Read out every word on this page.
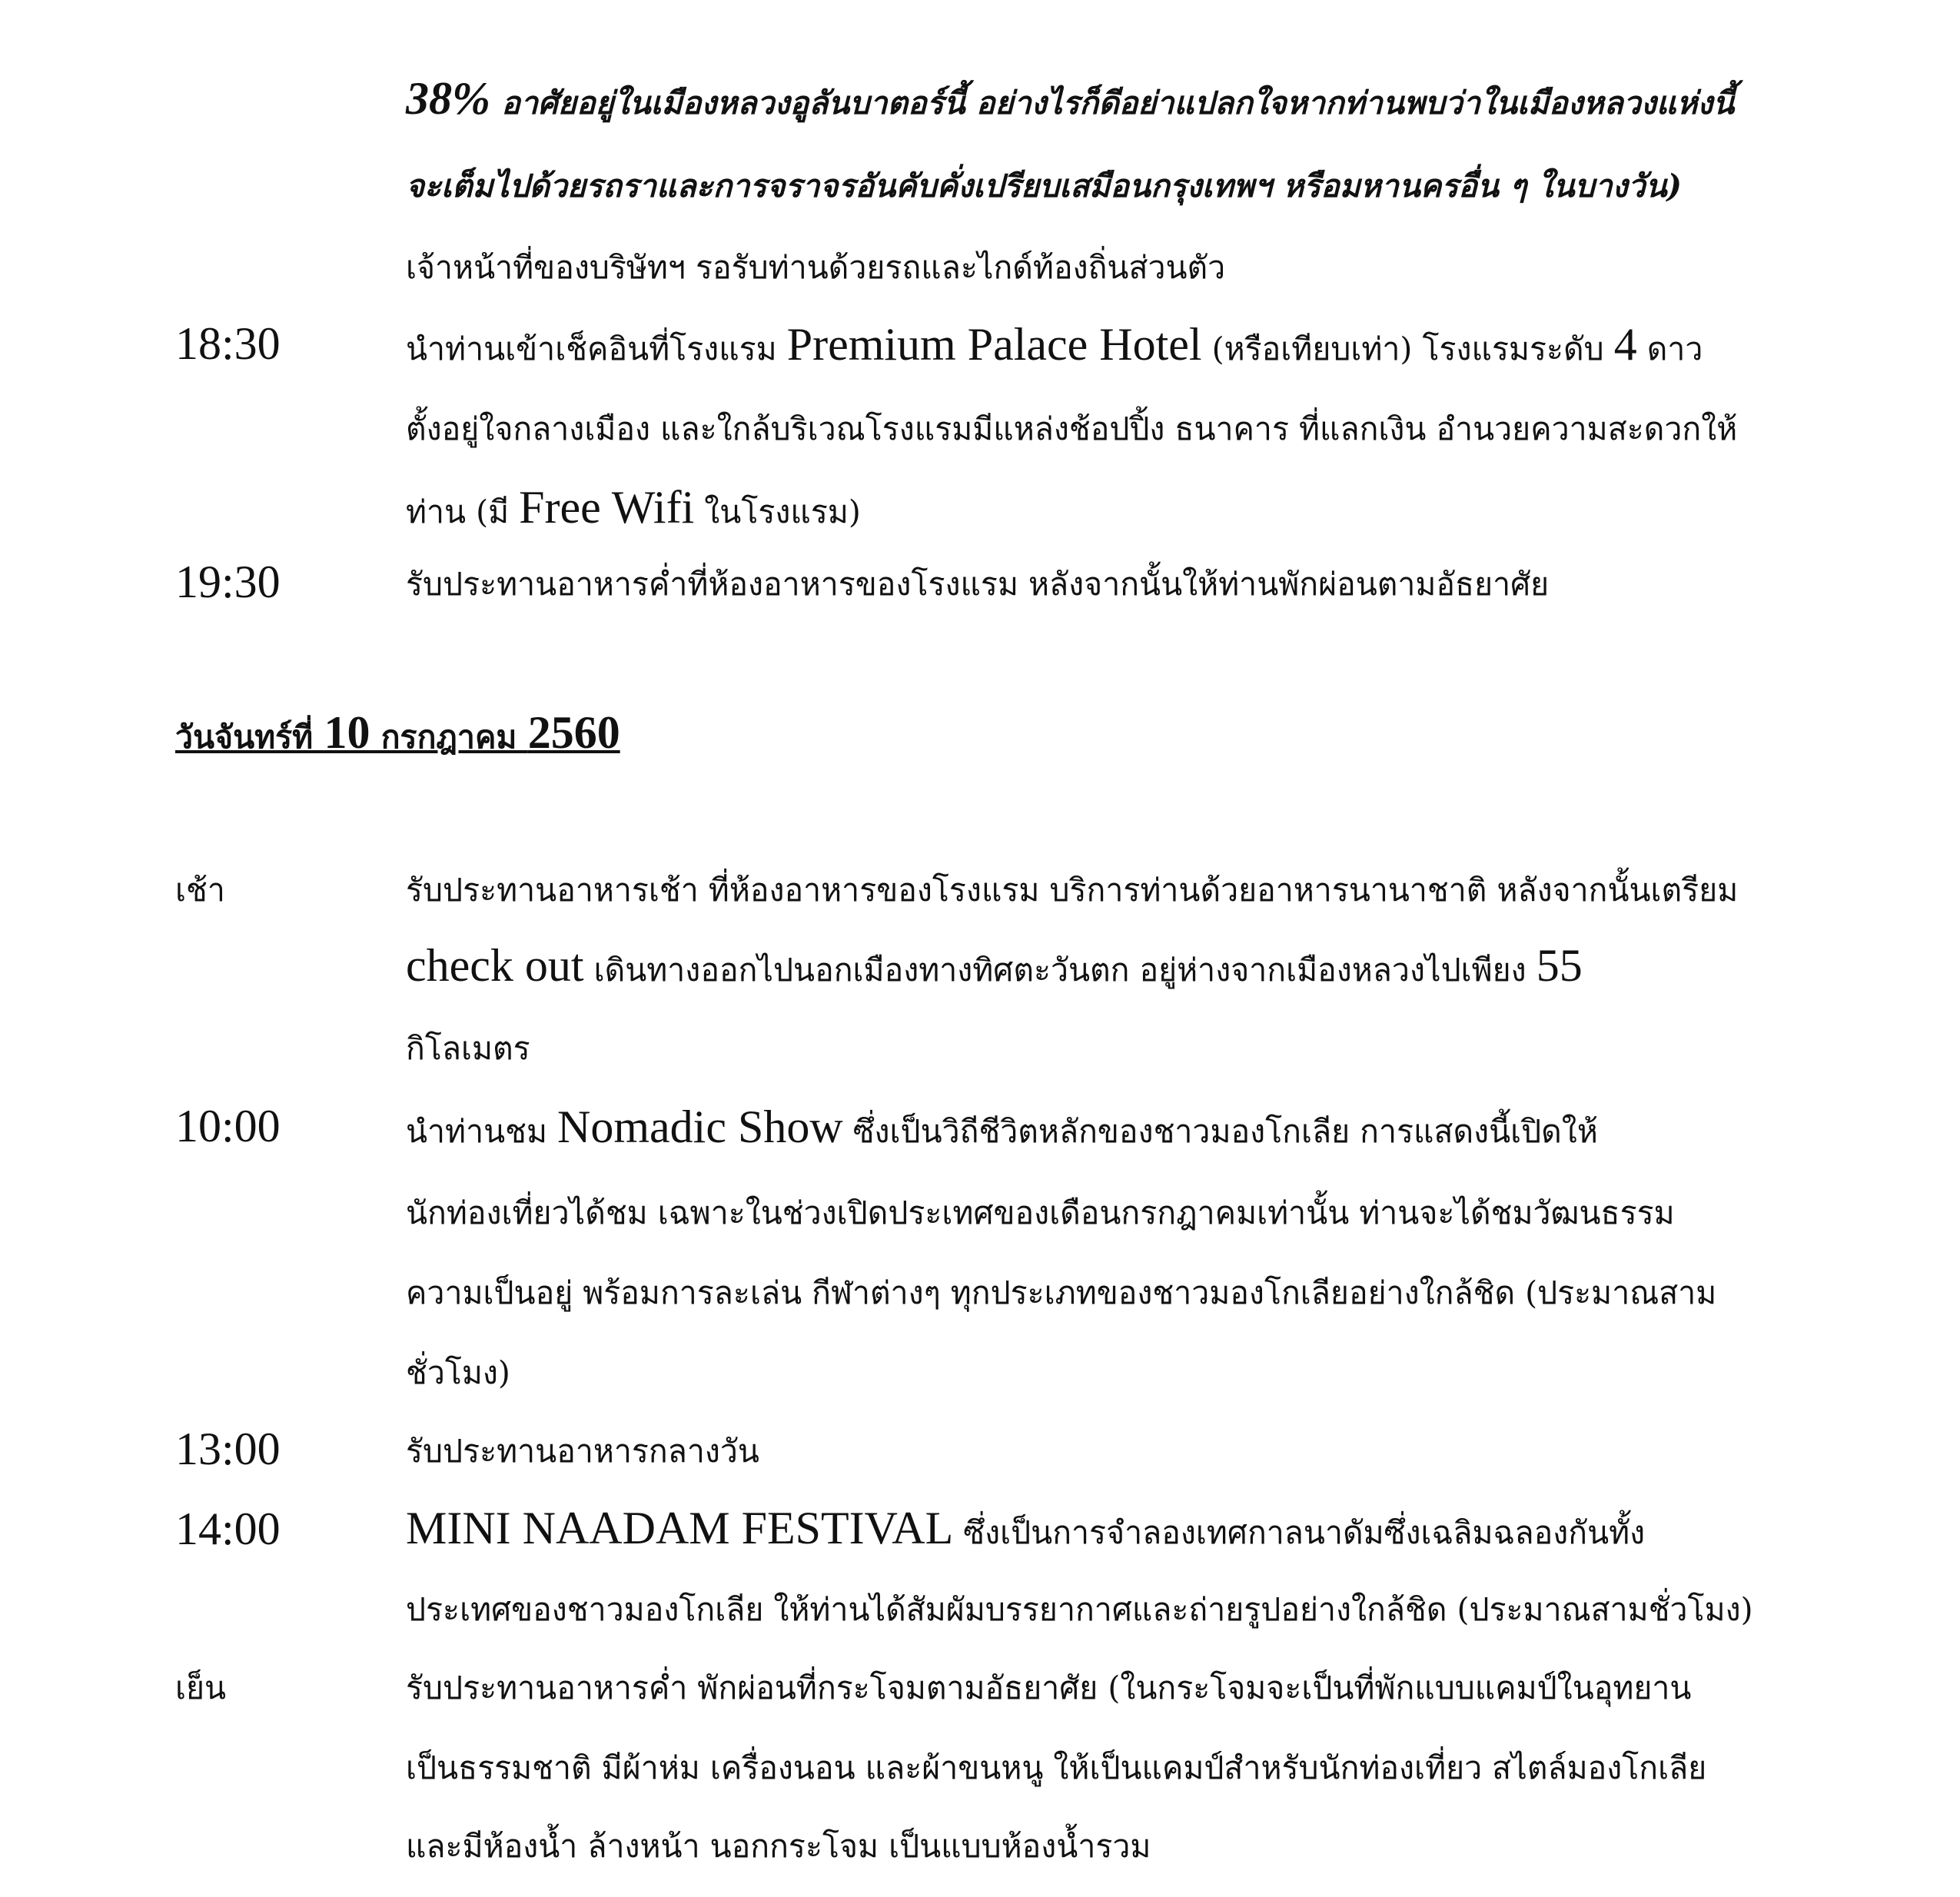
38% อาศัยอยู่ในเมืองหลวงอูลันบาตอร์นี้ อย่างไรก็ดีอย่าแปลกใจหากท่านพบว่าในเมืองหลวงแห่งนี้
จะเต็มไปด้วยรถราและการจราจรอันคับคั่งเปรียบเสมือนกรุงเทพฯ หรือมหานครอื่น ๆ ในบางวัน)
เจ้าหน้าที่ของบริษัทฯ รอรับท่านด้วยรถและไกด์ท้องถิ่นส่วนตัว
18:30	นำท่านเข้าเช็คอินที่โรงแรม Premium Palace Hotel (หรือเทียบเท่า) โรงแรมระดับ 4 ดาว
ตั้งอยู่ใจกลางเมือง และใกล้บริเวณโรงแรมมีแหล่งช้อปปิ้ง ธนาคาร ที่แลกเงิน อำนวยความสะดวกให้
ท่าน (มี Free Wifi ในโรงแรม)
19:30	รับประทานอาหารค่ำที่ห้องอาหารของโรงแรม หลังจากนั้นให้ท่านพักผ่อนตามอัธยาศัย
วันจันทร์ที่ 10 กรกฎาคม 2560
เช้า	รับประทานอาหารเช้า ที่ห้องอาหารของโรงแรม บริการท่านด้วยอาหารนานาชาติ หลังจากนั้นเตรียม
check out เดินทางออกไปนอกเมืองทางทิศตะวันตก อยู่ห่างจากเมืองหลวงไปเพียง 55
กิโลเมตร
10:00	นำท่านชม Nomadic Show ซึ่งเป็นวิถีชีวิตหลักของชาวมองโกเลีย การแสดงนี้เปิดให้
นักท่องเที่ยวได้ชม เฉพาะในช่วงเปิดประเทศของเดือนกรกฎาคมเท่านั้น ท่านจะได้ชมวัฒนธรรม
ความเป็นอยู่ พร้อมการละเล่น กีฬาต่างๆ ทุกประเภทของชาวมองโกเลียอย่างใกล้ชิด (ประมาณสาม
ชั่วโมง)
13:00	รับประทานอาหารกลางวัน
14:00	MINI NAADAM FESTIVAL ซึ่งเป็นการจำลองเทศกาลนาดัมซึ่งเฉลิมฉลองกันทั้ง
ประเทศของชาวมองโกเลีย ให้ท่านได้สัมผัมบรรยากาศและถ่ายรูปอย่างใกล้ชิด (ประมาณสามชั่วโมง)
เย็น	รับประทานอาหารค่ำ พักผ่อนที่กระโจมตามอัธยาศัย (ในกระโจมจะเป็นที่พักแบบแคมป์ในอุทยาน
เป็นธรรมชาติ มีผ้าห่ม เครื่องนอน และผ้าขนหนู ให้เป็นแคมป์สำหรับนักท่องเที่ยว สไตล์มองโกเลีย
และมีห้องน้ำ ล้างหน้า นอกกระโจม เป็นแบบห้องน้ำรวม
